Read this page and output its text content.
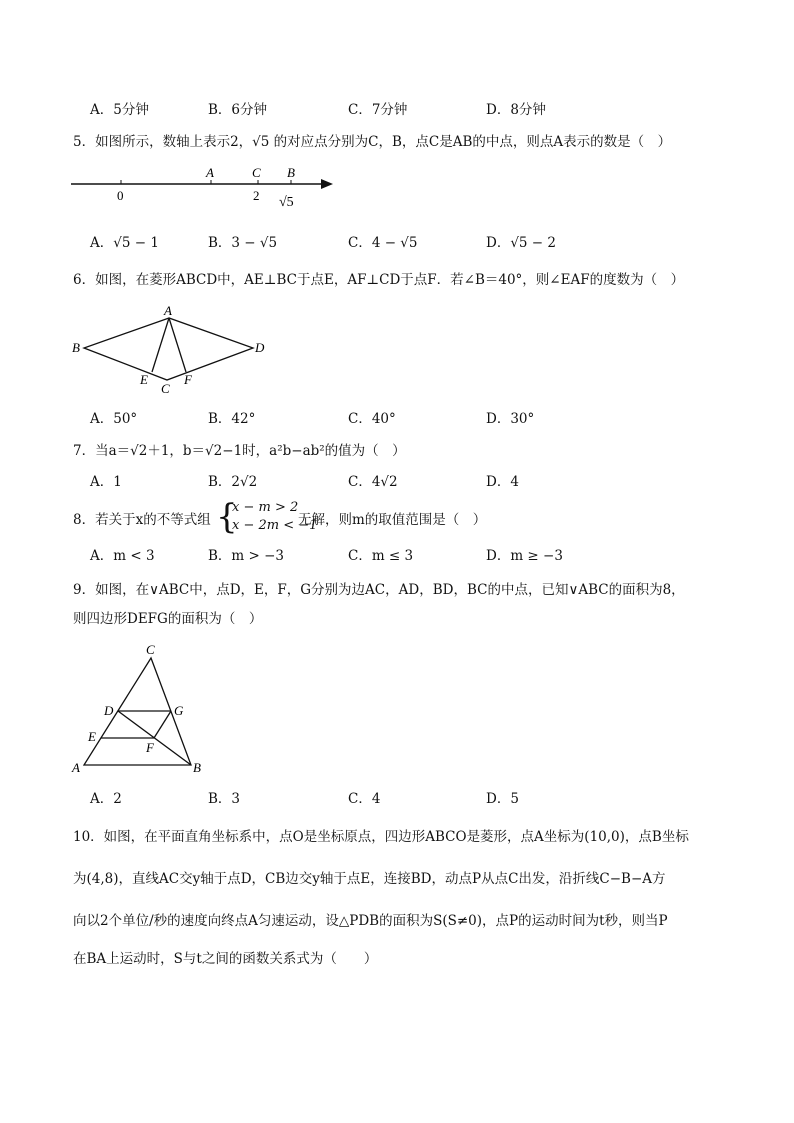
A．5分钟	B．6分钟	C．7分钟	D．8分钟
5．如图所示，数轴上表示2，√5 的对应点分别为C，B，点C是AB的中点，则点A表示的数是（　）
A	C B
0	2 √5
A．√5 − 1	B．3 − √5	C．4 − √5	D．√5 − 2
6．如图，在菱形ABCD中，AE⊥BC于点E，AF⊥CD于点F．若∠B＝40°，则∠EAF的度数为（　）
A
B
C
D
E	F
A．50°	B．42°	C．40°	D．30°
7．当a＝√2＋1，b＝√2−1时，a²b−ab²的值为（　）
A．1	B．2√2	C．4√2	D．4
8．若关于x的不等式组 {
x − m > 2
x − 2m < −1
无解，则m的取值范围是（　）
A．m < 3	B．m > −3	C．m ≤ 3	D．m ≥ −3
9．如图，在∨ABC中，点D，E，F，G分别为边AC，AD，BD，BC的中点，已知∨ABC的面积为8，
则四边形DEFG的面积为（　）
C
D	G
E
F
A	B
A．2	B．3	C．4	D．5
10．如图，在平面直角坐标系中，点O是坐标原点，四边形ABCO是菱形，点A坐标为(10,0)，点B坐标
为(4,8)，直线AC交y轴于点D，CB边交y轴于点E，连接BD，动点P从点C出发，沿折线C−B−A方
向以2个单位/秒的速度向终点A匀速运动，设△PDB的面积为S(S≠0)，点P的运动时间为t秒，则当P
在BA上运动时，S与t之间的函数关系式为（　　）
